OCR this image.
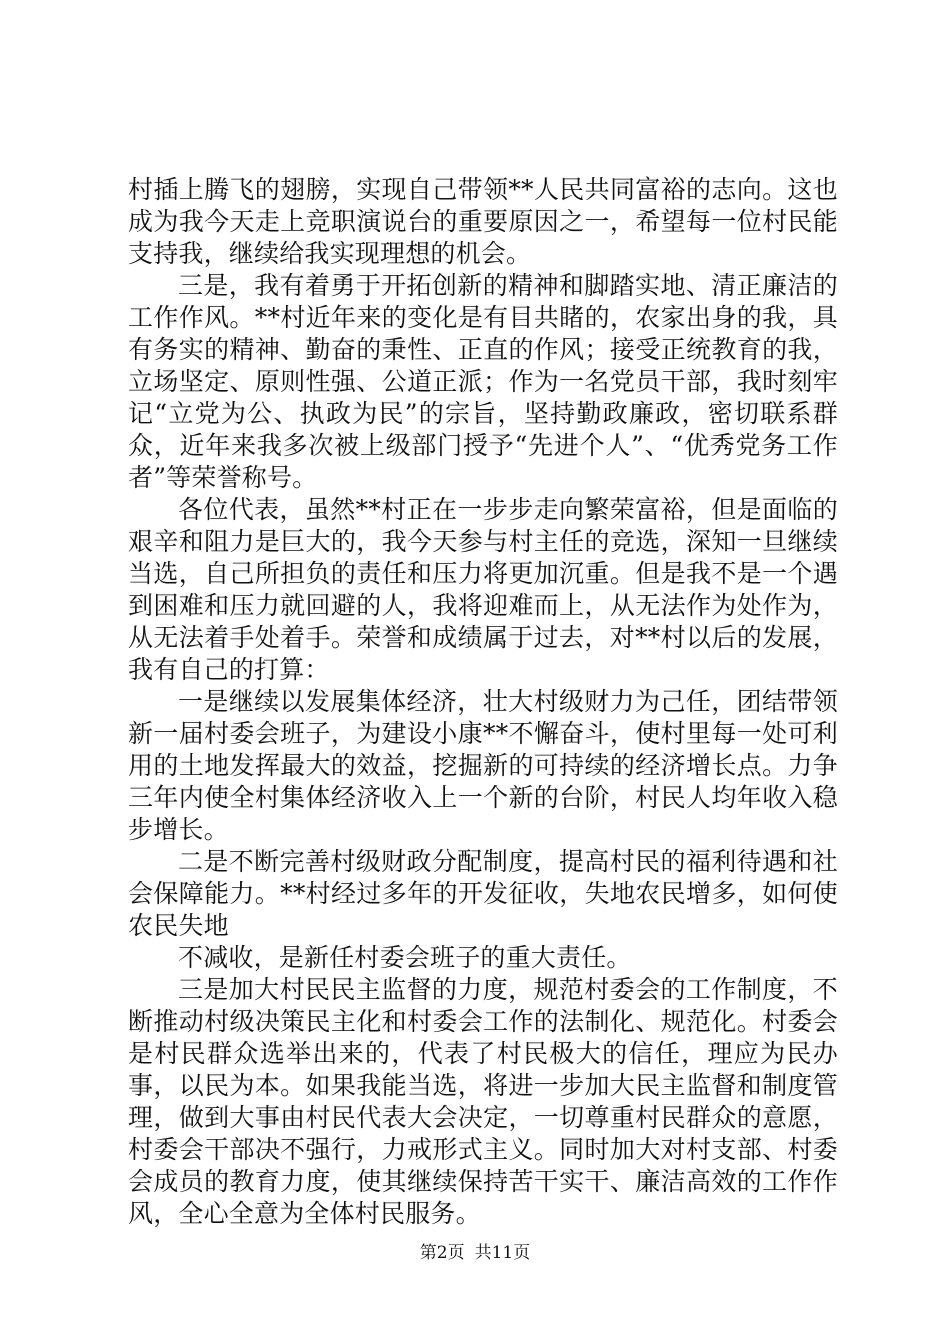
村插上腾飞的翅膀，实现自己带领**人民共同富裕的志向。这也成为我今天走上竞职演说台的重要原因之一，希望每一位村民能支持我，继续给我实现理想的机会。

三是，我有着勇于开拓创新的精神和脚踏实地、清正廉洁的工作作风。**村近年来的变化是有目共睹的，农家出身的我，具有务实的精神、勤奋的秉性、正直的作风；接受正统教育的我，立场坚定、原则性强、公道正派；作为一名党员干部，我时刻牢记“立党为公、执政为民”的宗旨，坚持勤政廉政，密切联系群众，近年来我多次被上级部门授予“先进个人”、“优秀党务工作者”等荣誉称号。

各位代表，虽然**村正在一步步走向繁荣富裕，但是面临的艰辛和阻力是巨大的，我今天参与村主任的竞选，深知一旦继续当选，自己所担负的责任和压力将更加沉重。但是我不是一个遇到困难和压力就回避的人，我将迎难而上，从无法作为处作为，从无法着手处着手。荣誉和成绩属于过去，对**村以后的发展，我有自己的打算：

一是继续以发展集体经济，壮大村级财力为己任，团结带领新一届村委会班子，为建设小康**不懈奋斗，使村里每一处可利用的土地发挥最大的效益，挖掘新的可持续的经济增长点。力争三年内使全村集体经济收入上一个新的台阶，村民人均年收入稳步增长。

二是不断完善村级财政分配制度，提高村民的福利待遇和社会保障能力。**村经过多年的开发征收，失地农民增多，如何使农民失地

不减收，是新任村委会班子的重大责任。

三是加大村民民主监督的力度，规范村委会的工作制度，不断推动村级决策民主化和村委会工作的法制化、规范化。村委会是村民群众选举出来的，代表了村民极大的信任，理应为民办事，以民为本。如果我能当选，将进一步加大民主监督和制度管理，做到大事由村民代表大会决定，一切尊重村民群众的意愿，村委会干部决不强行，力戒形式主义。同时加大对村支部、村委会成员的教育力度，使其继续保持苦干实干、廉洁高效的工作作风，全心全意为全体村民服务。

第2页 共11页
